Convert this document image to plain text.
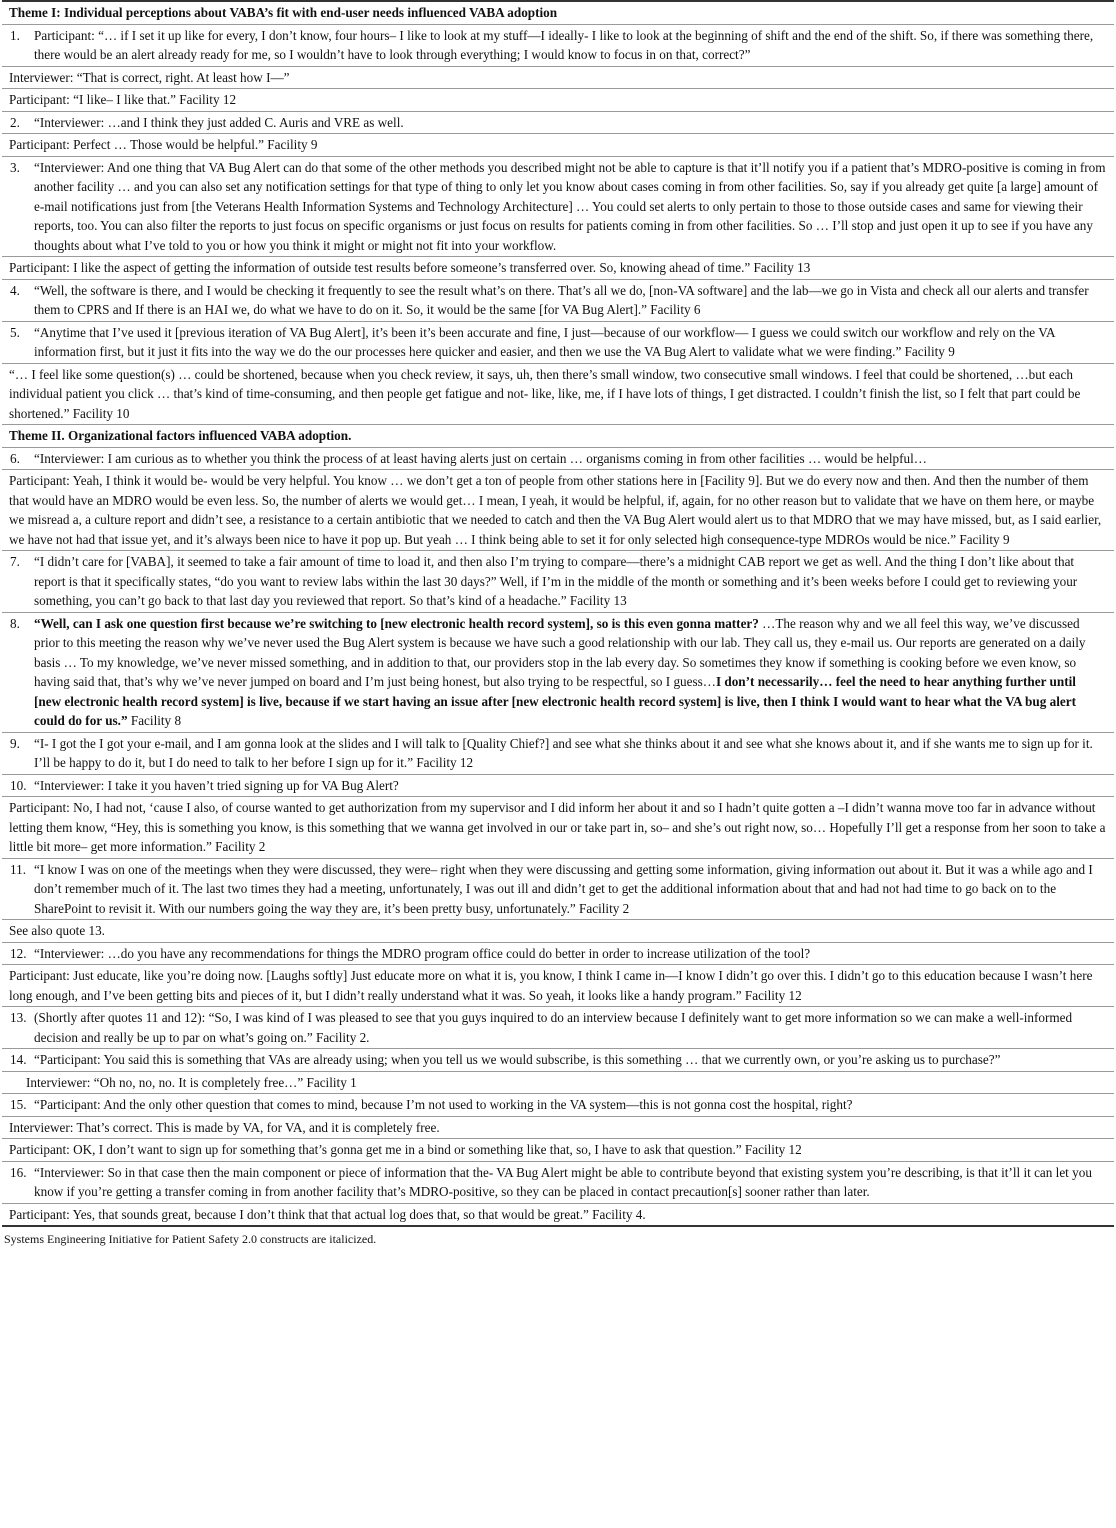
Theme I: Individual perceptions about VABA’s fit with end-user needs influenced VABA adoption
1. Participant: “… if I set it up like for every, I don’t know, four hours– I like to look at my stuff—I ideally- I like to look at the beginning of shift and the end of the shift. So, if there was something there, there would be an alert already ready for me, so I wouldn’t have to look through everything; I would know to focus in on that, correct?”
Interviewer: “That is correct, right. At least how I—”
Participant: “I like– I like that.” Facility 12
2. “Interviewer: …and I think they just added C. Auris and VRE as well.
Participant: Perfect … Those would be helpful.” Facility 9
3. “Interviewer: And one thing that VA Bug Alert can do that some of the other methods you described might not be able to capture is that it’ll notify you if a patient that’s MDRO-positive is coming in from another facility … and you can also set any notification settings for that type of thing to only let you know about cases coming in from other facilities. So, say if you already get quite [a large] amount of e-mail notifications just from [the Veterans Health Information Systems and Technology Architecture] … You could set alerts to only pertain to those to those outside cases and same for viewing their reports, too. You can also filter the reports to just focus on specific organisms or just focus on results for patients coming in from other facilities. So … I’ll stop and just open it up to see if you have any thoughts about what I’ve told to you or how you think it might or might not fit into your workflow.
Participant: I like the aspect of getting the information of outside test results before someone’s transferred over. So, knowing ahead of time.” Facility 13
4. “Well, the software is there, and I would be checking it frequently to see the result what’s on there. That’s all we do, [non-VA software] and the lab—we go in Vista and check all our alerts and transfer them to CPRS and If there is an HAI we, do what we have to do on it. So, it would be the same [for VA Bug Alert].” Facility 6
5. “Anytime that I’ve used it [previous iteration of VA Bug Alert], it’s been it’s been accurate and fine, I just—because of our workflow— I guess we could switch our workflow and rely on the VA information first, but it just it fits into the way we do the our processes here quicker and easier, and then we use the VA Bug Alert to validate what we were finding.” Facility 9
“… I feel like some question(s) … could be shortened, because when you check review, it says, uh, then there’s small window, two consecutive small windows. I feel that could be shortened, …but each individual patient you click … that’s kind of time-consuming, and then people get fatigue and not- like, like, me, if I have lots of things, I get distracted. I couldn’t finish the list, so I felt that part could be shortened.” Facility 10
Theme II. Organizational factors influenced VABA adoption.
6. “Interviewer: I am curious as to whether you think the process of at least having alerts just on certain … organisms coming in from other facilities … would be helpful…
Participant: Yeah, I think it would be- would be very helpful. You know … we don’t get a ton of people from other stations here in [Facility 9]. But we do every now and then. And then the number of them that would have an MDRO would be even less. So, the number of alerts we would get… I mean, I yeah, it would be helpful, if, again, for no other reason but to validate that we have on them here, or maybe we misread a, a culture report and didn’t see, a resistance to a certain antibiotic that we needed to catch and then the VA Bug Alert would alert us to that MDRO that we may have missed, but, as I said earlier, we have not had that issue yet, and it’s always been nice to have it pop up. But yeah … I think being able to set it for only selected high consequence-type MDROs would be nice.” Facility 9
7. “I didn’t care for [VABA], it seemed to take a fair amount of time to load it, and then also I’m trying to compare—there’s a midnight CAB report we get as well. And the thing I don’t like about that report is that it specifically states, “do you want to review labs within the last 30 days?” Well, if I’m in the middle of the month or something and it’s been weeks before I could get to reviewing your something, you can’t go back to that last day you reviewed that report. So that’s kind of a headache.” Facility 13
8. “Well, can I ask one question first because we’re switching to [new electronic health record system], so is this even gonna matter? …The reason why and we all feel this way, we’ve discussed prior to this meeting the reason why we’ve never used the Bug Alert system is because we have such a good relationship with our lab. They call us, they e-mail us. Our reports are generated on a daily basis … To my knowledge, we’ve never missed something, and in addition to that, our providers stop in the lab every day. So sometimes they know if something is cooking before we even know, so having said that, that’s why we’ve never jumped on board and I’m just being honest, but also trying to be respectful, so I guess…I don’t necessarily… feel the need to hear anything further until [new electronic health record system] is live, because if we start having an issue after [new electronic health record system] is live, then I think I would want to hear what the VA bug alert could do for us.” Facility 8
9. “I- I got the I got your e-mail, and I am gonna look at the slides and I will talk to [Quality Chief?] and see what she thinks about it and see what she knows about it, and if she wants me to sign up for it. I’ll be happy to do it, but I do need to talk to her before I sign up for it.” Facility 12
10. “Interviewer: I take it you haven’t tried signing up for VA Bug Alert?
Participant: No, I had not, ‘cause I also, of course wanted to get authorization from my supervisor and I did inform her about it and so I hadn’t quite gotten a –I didn’t wanna move too far in advance without letting them know, “Hey, this is something you know, is this something that we wanna get involved in our or take part in, so– and she’s out right now, so… Hopefully I’ll get a response from her soon to take a little bit more– get more information.” Facility 2
11. “I know I was on one of the meetings when they were discussed, they were– right when they were discussing and getting some information, giving information out about it. But it was a while ago and I don’t remember much of it. The last two times they had a meeting, unfortunately, I was out ill and didn’t get to get the additional information about that and had not had time to go back on to the SharePoint to revisit it. With our numbers going the way they are, it’s been pretty busy, unfortunately.” Facility 2
See also quote 13.
12. “Interviewer: …do you have any recommendations for things the MDRO program office could do better in order to increase utilization of the tool?
Participant: Just educate, like you’re doing now. [Laughs softly] Just educate more on what it is, you know, I think I came in—I know I didn’t go over this. I didn’t go to this education because I wasn’t here long enough, and I’ve been getting bits and pieces of it, but I didn’t really understand what it was. So yeah, it looks like a handy program.” Facility 12
13. (Shortly after quotes 11 and 12): “So, I was kind of I was pleased to see that you guys inquired to do an interview because I definitely want to get more information so we can make a well-informed decision and really be up to par on what’s going on.” Facility 2.
14. “Participant: You said this is something that VAs are already using; when you tell us we would subscribe, is this something … that we currently own, or you’re asking us to purchase?”
Interviewer: “Oh no, no, no. It is completely free…” Facility 1
15. “Participant: And the only other question that comes to mind, because I’m not used to working in the VA system—this is not gonna cost the hospital, right?
Interviewer: That’s correct. This is made by VA, for VA, and it is completely free.
Participant: OK, I don’t want to sign up for something that’s gonna get me in a bind or something like that, so, I have to ask that question.” Facility 12
16. “Interviewer: So in that case then the main component or piece of information that the- VA Bug Alert might be able to contribute beyond that existing system you’re describing, is that it’ll it can let you know if you’re getting a transfer coming in from another facility that’s MDRO-positive, so they can be placed in contact precaution[s] sooner rather than later.
Participant: Yes, that sounds great, because I don’t think that that actual log does that, so that would be great.” Facility 4.
Systems Engineering Initiative for Patient Safety 2.0 constructs are italicized.
